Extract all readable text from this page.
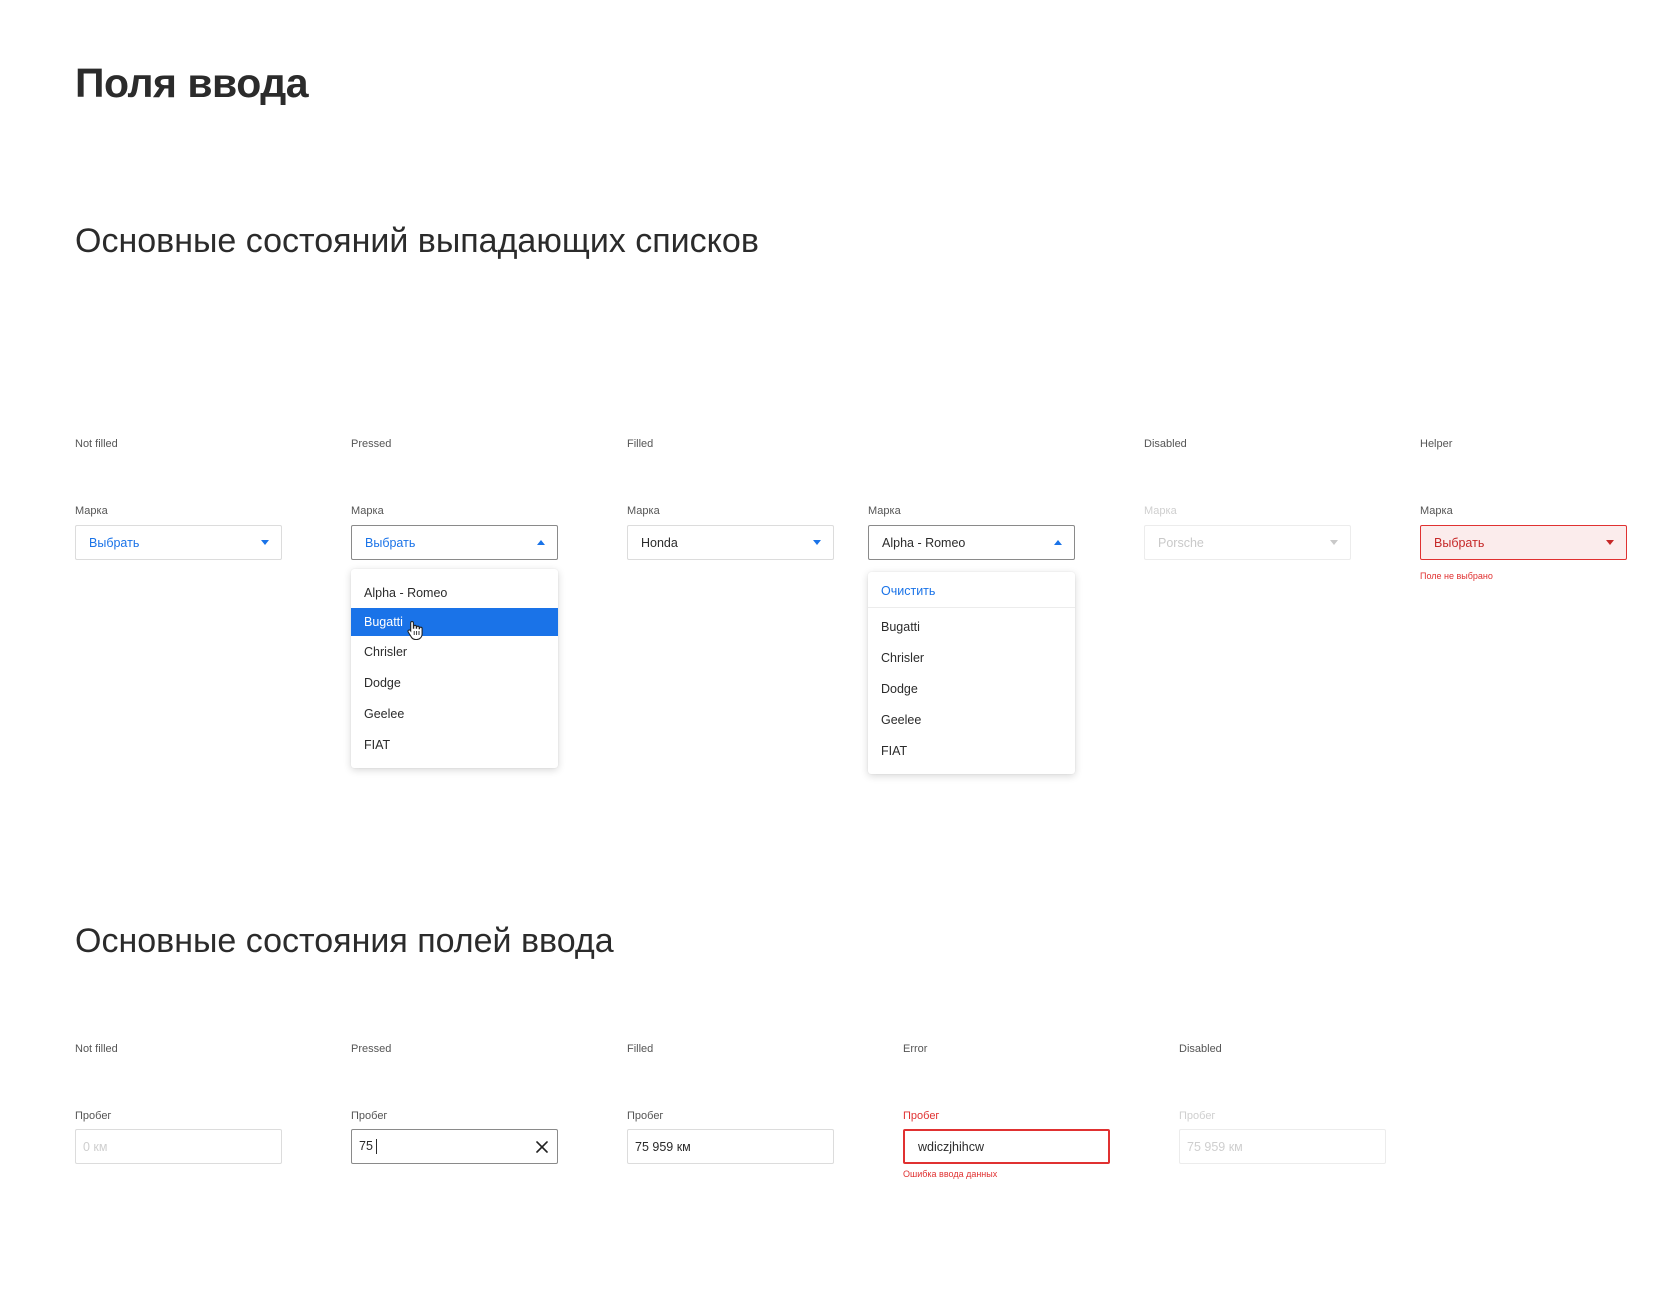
Поля ввода
Основные состояний выпадающих списков
Not filled	Pressed	Filled	Disabled	Helper
Марка
Выбрать
Марка
Выбрать
Alpha - Romeo
Bugatti
Chrisler
Dodge
Geelee
FIAT
Марка
Honda
Марка
Alpha - Romeo
Очистить
Bugatti
Chrisler
Dodge
Geelee
FIAT
Марка
Porsche
Марка
Выбрать
Поле не выбрано
Основные состояния полей ввода
Not filled	Pressed	Filled	Error	Disabled
Пробег
0 км
Пробег
75
Пробег
75 959 км
Пробег
wdiczjhihcw
Ошибка ввода данных
Пробег
75 959 км
